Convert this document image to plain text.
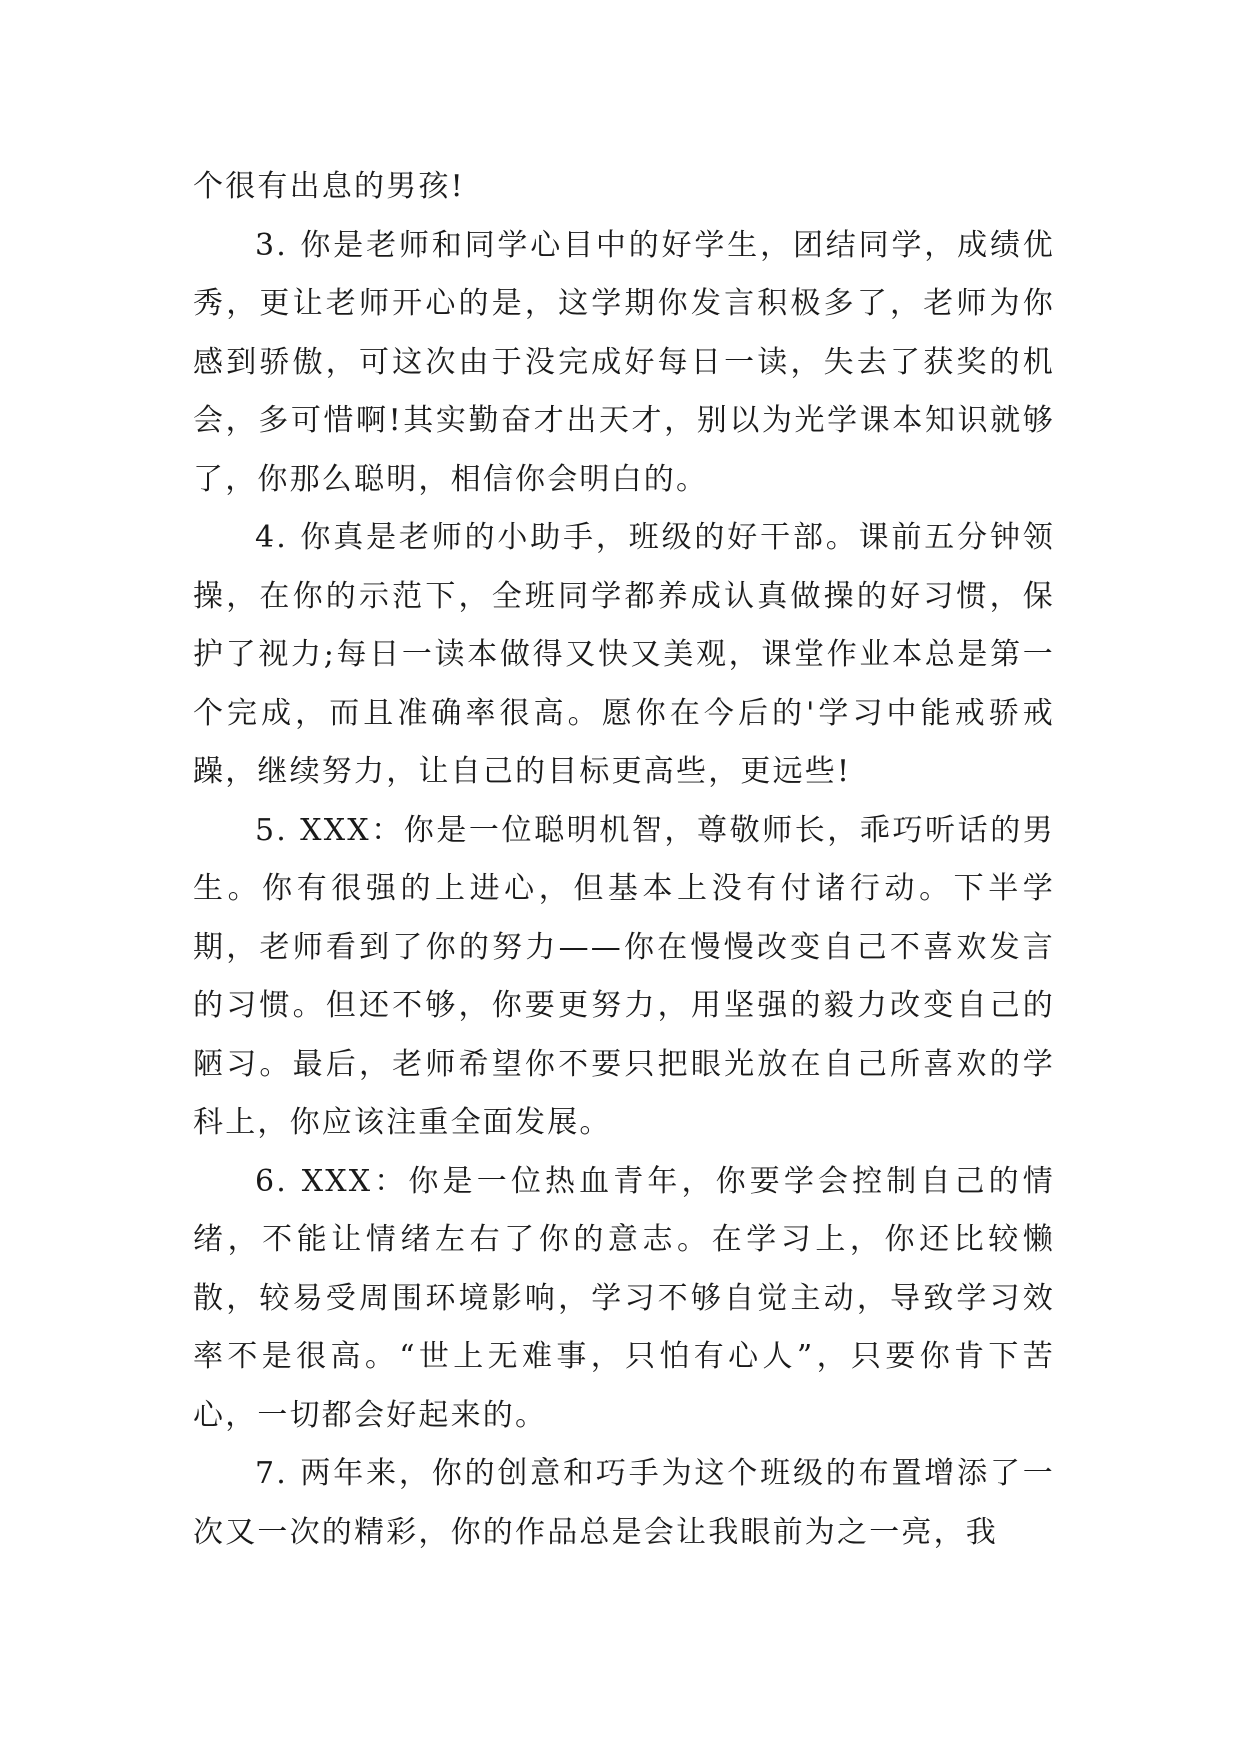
个很有出息的男孩!

3. 你是老师和同学心目中的好学生，团结同学，成绩优秀，更让老师开心的是，这学期你发言积极多了，老师为你感到骄傲，可这次由于没完成好每日一读，失去了获奖的机会，多可惜啊!其实勤奋才出天才，别以为光学课本知识就够了，你那么聪明，相信你会明白的。

4. 你真是老师的小助手，班级的好干部。课前五分钟领操，在你的示范下，全班同学都养成认真做操的好习惯，保护了视力;每日一读本做得又快又美观，课堂作业本总是第一个完成，而且准确率很高。愿你在今后的'学习中能戒骄戒躁，继续努力，让自己的目标更高些，更远些!

5. XXX：你是一位聪明机智，尊敬师长，乖巧听话的男生。你有很强的上进心，但基本上没有付诸行动。下半学期，老师看到了你的努力——你在慢慢改变自己不喜欢发言的习惯。但还不够，你要更努力，用坚强的毅力改变自己的陋习。最后，老师希望你不要只把眼光放在自己所喜欢的学科上，你应该注重全面发展。

6. XXX：你是一位热血青年，你要学会控制自己的情绪，不能让情绪左右了你的意志。在学习上，你还比较懒散，较易受周围环境影响，学习不够自觉主动，导致学习效率不是很高。“世上无难事，只怕有心人”，只要你肯下苦心，一切都会好起来的。

7. 两年来，你的创意和巧手为这个班级的布置增添了一次又一次的精彩，你的作品总是会让我眼前为之一亮，我
